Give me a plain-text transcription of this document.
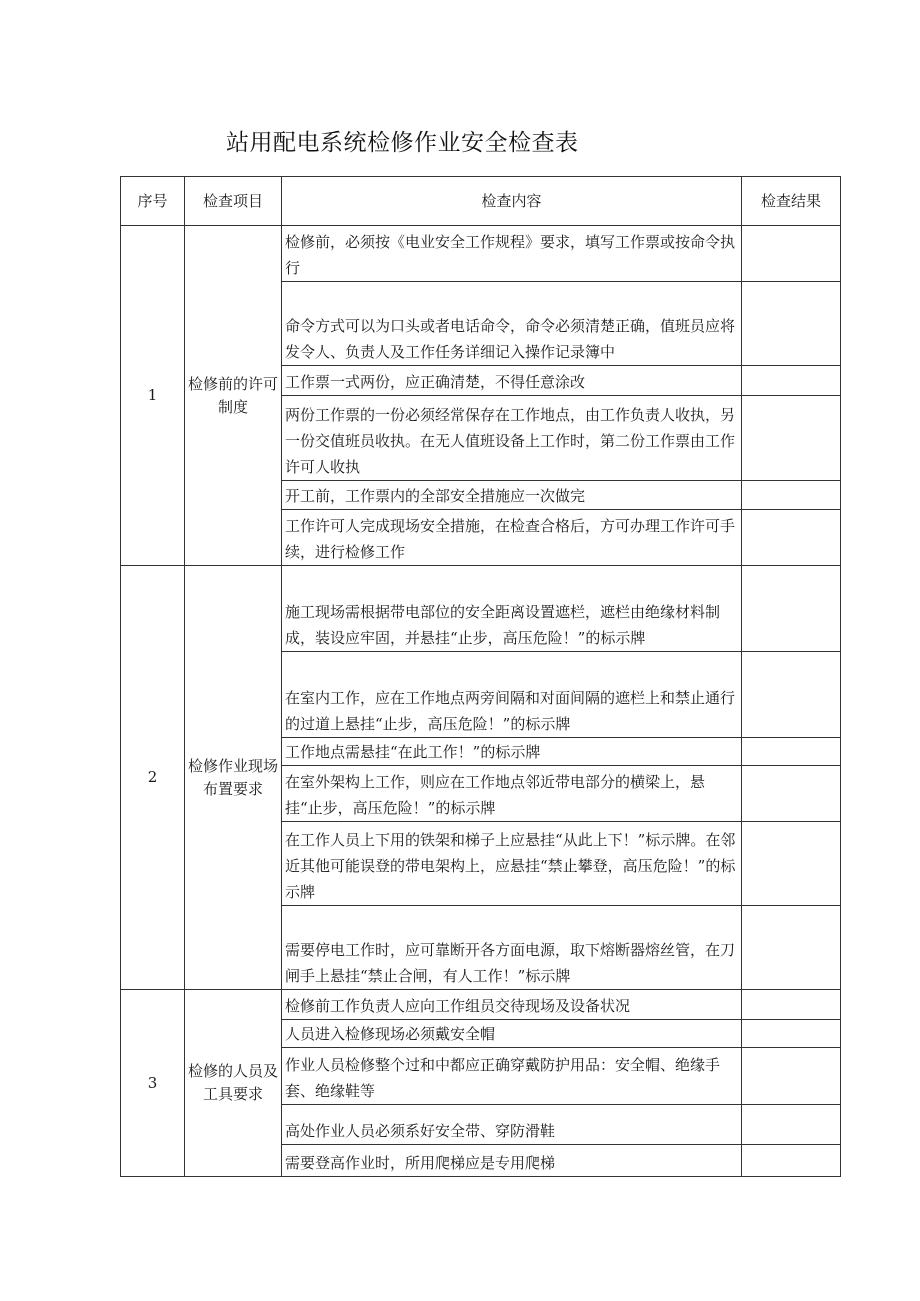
站用配电系统检修作业安全检查表
序号	检查项目	检查内容	检查结果
1	检修前的许可制度	检修前，必须按《电业安全工作规程》要求，填写工作票或按命令执行	
		命令方式可以为口头或者电话命令，命令必须清楚正确，值班员应将发令人、负责人及工作任务详细记入操作记录簿中	
		工作票一式两份，应正确清楚，不得任意涂改	
		两份工作票的一份必须经常保存在工作地点，由工作负责人收执，另一份交值班员收执。在无人值班设备上工作时，第二份工作票由工作许可人收执	
		开工前，工作票内的全部安全措施应一次做完	
		工作许可人完成现场安全措施，在检查合格后，方可办理工作许可手续，进行检修工作	
2	检修作业现场布置要求	施工现场需根据带电部位的安全距离设置遮栏，遮栏由绝缘材料制成，装设应牢固，并悬挂“止步，高压危险！”的标示牌	
		在室内工作，应在工作地点两旁间隔和对面间隔的遮栏上和禁止通行的过道上悬挂“止步，高压危险！”的标示牌	
		工作地点需悬挂“在此工作！”的标示牌	
		在室外架构上工作，则应在工作地点邻近带电部分的横梁上，悬挂“止步，高压危险！”的标示牌	
		在工作人员上下用的铁架和梯子上应悬挂“从此上下！”标示牌。在邻近其他可能误登的带电架构上，应悬挂“禁止攀登，高压危险！”的标示牌	
		需要停电工作时，应可靠断开各方面电源，取下熔断器熔丝管，在刀闸手上悬挂“禁止合闸，有人工作！”标示牌	
3	检修的人员及工具要求	检修前工作负责人应向工作组员交待现场及设备状况	
		人员进入检修现场必须戴安全帽	
		作业人员检修整个过和中都应正确穿戴防护用品：安全帽、绝缘手套、绝缘鞋等	
		高处作业人员必须系好安全带、穿防滑鞋	
		需要登高作业时，所用爬梯应是专用爬梯	
